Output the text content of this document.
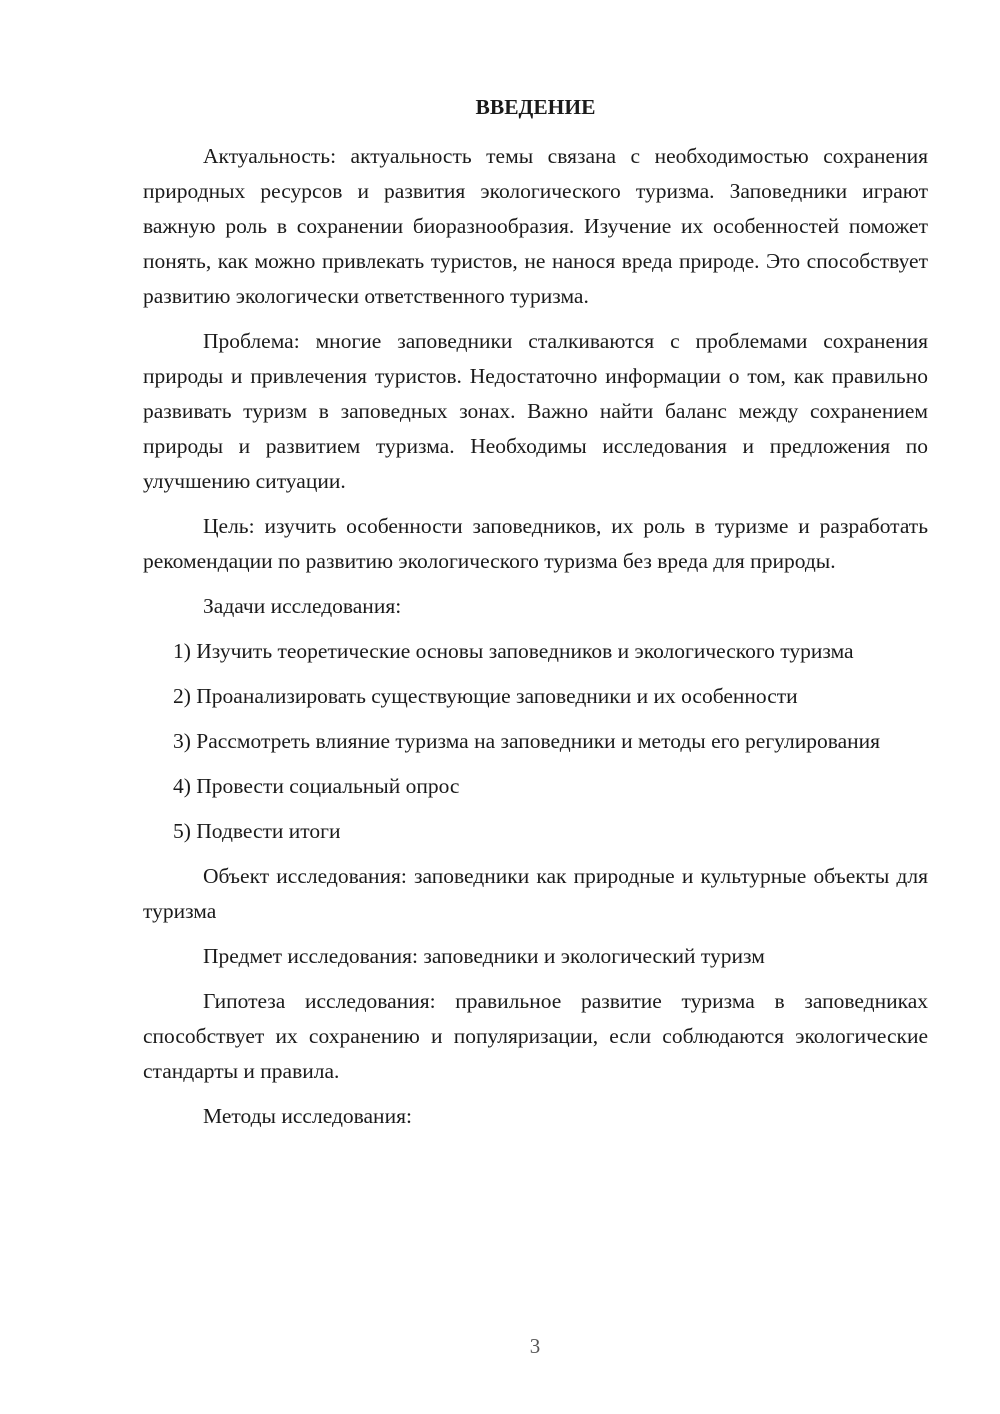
ВВЕДЕНИЕ

Актуальность: актуальность темы связана с необходимостью сохранения природных ресурсов и развития экологического туризма. Заповедники играют важную роль в сохранении биоразнообразия. Изучение их особенностей поможет понять, как можно привлекать туристов, не нанося вреда природе. Это способствует развитию экологически ответственного туризма.

Проблема: многие заповедники сталкиваются с проблемами сохранения природы и привлечения туристов. Недостаточно информации о том, как правильно развивать туризм в заповедных зонах. Важно найти баланс между сохранением природы и развитием туризма. Необходимы исследования и предложения по улучшению ситуации.

Цель: изучить особенности заповедников, их роль в туризме и разработать рекомендации по развитию экологического туризма без вреда для природы.

Задачи исследования:

1) Изучить теоретические основы заповедников и экологического туризма

2) Проанализировать существующие заповедники и их особенности

3) Рассмотреть влияние туризма на заповедники и методы его регулирования

4) Провести социальный опрос

5) Подвести итоги

Объект исследования: заповедники как природные и культурные объекты для туризма

Предмет исследования: заповедники и экологический туризм

Гипотеза исследования: правильное развитие туризма в заповедниках способствует их сохранению и популяризации, если соблюдаются экологические стандарты и правила.

Методы исследования:

3
